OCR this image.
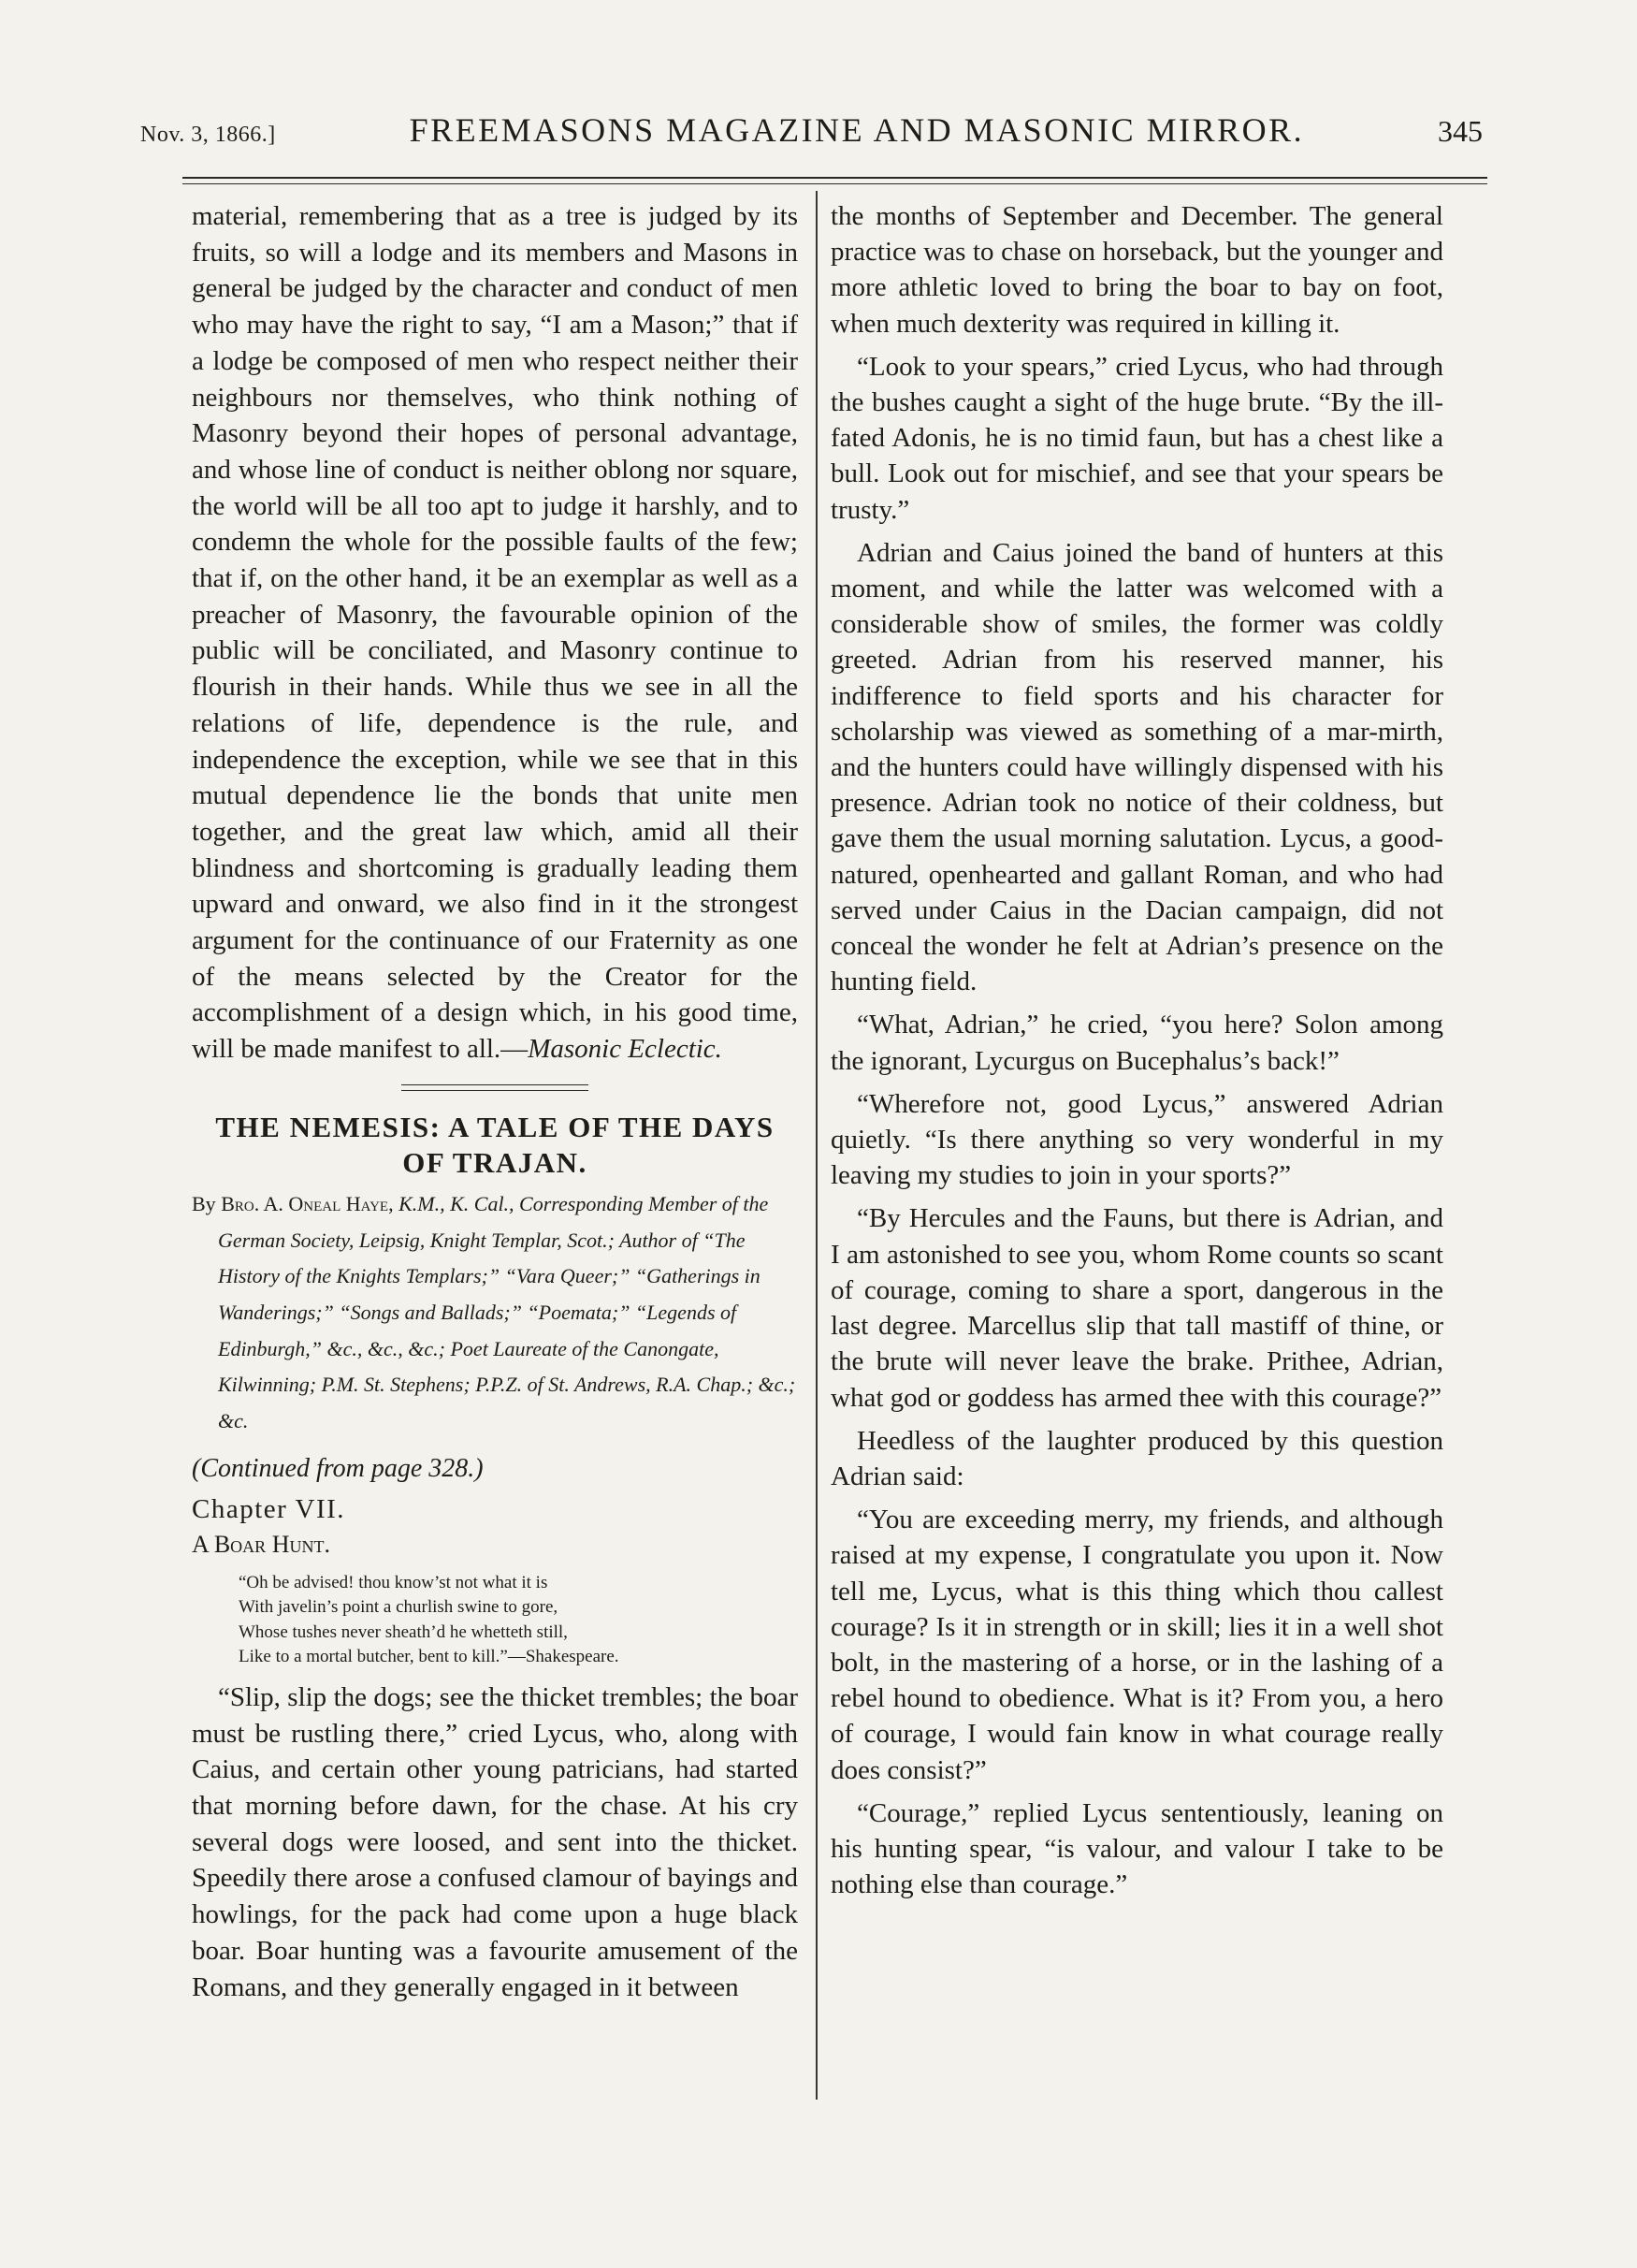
Nov. 3, 1866.]	FREEMASONS MAGAZINE AND MASONIC MIRROR.	345

material, remembering that as a tree is judged by its fruits, so will a lodge and its members and Masons in general be judged by the character and conduct of men who may have the right to say, “I am a Mason;” that if a lodge be composed of men who respect neither their neighbours nor themselves, who think nothing of Masonry beyond their hopes of personal advantage, and whose line of conduct is neither oblong nor square, the world will be all too apt to judge it harshly, and to condemn the whole for the possible faults of the few; that if, on the other hand, it be an exemplar as well as a preacher of Masonry, the favourable opinion of the public will be conciliated, and Masonry continue to flourish in their hands. While thus we see in all the relations of life, dependence is the rule, and independence the exception, while we see that in this mutual dependence lie the bonds that unite men together, and the great law which, amid all their blindness and shortcoming is gradually leading them upward and onward, we also find in it the strongest argument for the continuance of our Fraternity as one of the means selected by the Creator for the accomplishment of a design which, in his good time, will be made manifest to all.—Masonic Eclectic.

THE NEMESIS: A TALE OF THE DAYS OF TRAJAN.

By Bro. A. Oneal Haye, K.M., K. Cal., Corresponding Member of the German Society, Leipsig, Knight Templar, Scot.; Author of “The History of the Knights Templars;” “Vara Queer;” “Gatherings in Wanderings;” “Songs and Ballads;” “Poemata;” “Legends of Edinburgh,” &c., &c., &c.; Poet Laureate of the Canongate, Kilwinning; P.M. St. Stephens; P.P.Z. of St. Andrews, R.A. Chap.; &c.; &c.

(Continued from page 328.)

Chapter VII.

A Boar Hunt.

“Oh be advised! thou know’st not what it is
With javelin’s point a churlish swine to gore,
Whose tushes never sheath’d he whetteth still,
Like to a mortal butcher, bent to kill.”—Shakespeare.

“Slip, slip the dogs; see the thicket trembles; the boar must be rustling there,” cried Lycus, who, along with Caius, and certain other young patricians, had started that morning before dawn, for the chase. At his cry several dogs were loosed, and sent into the thicket. Speedily there arose a confused clamour of bayings and howlings, for the pack had come upon a huge black boar. Boar hunting was a favourite amusement of the Romans, and they generally engaged in it between

the months of September and December. The general practice was to chase on horseback, but the younger and more athletic loved to bring the boar to bay on foot, when much dexterity was required in killing it.

“Look to your spears,” cried Lycus, who had through the bushes caught a sight of the huge brute. “By the ill-fated Adonis, he is no timid faun, but has a chest like a bull. Look out for mischief, and see that your spears be trusty.”

Adrian and Caius joined the band of hunters at this moment, and while the latter was welcomed with a considerable show of smiles, the former was coldly greeted. Adrian from his reserved manner, his indifference to field sports and his character for scholarship was viewed as something of a mar-mirth, and the hunters could have willingly dispensed with his presence. Adrian took no notice of their coldness, but gave them the usual morning salutation. Lycus, a good-natured, openhearted and gallant Roman, and who had served under Caius in the Dacian campaign, did not conceal the wonder he felt at Adrian’s presence on the hunting field.

“What, Adrian,” he cried, “you here? Solon among the ignorant, Lycurgus on Bucephalus’s back!”

“Wherefore not, good Lycus,” answered Adrian quietly. “Is there anything so very wonderful in my leaving my studies to join in your sports?”

“By Hercules and the Fauns, but there is Adrian, and I am astonished to see you, whom Rome counts so scant of courage, coming to share a sport, dangerous in the last degree. Marcellus slip that tall mastiff of thine, or the brute will never leave the brake. Prithee, Adrian, what god or goddess has armed thee with this courage?”

Heedless of the laughter produced by this question Adrian said:

“You are exceeding merry, my friends, and although raised at my expense, I congratulate you upon it. Now tell me, Lycus, what is this thing which thou callest courage? Is it in strength or in skill; lies it in a well shot bolt, in the mastering of a horse, or in the lashing of a rebel hound to obedience. What is it? From you, a hero of courage, I would fain know in what courage really does consist?”

“Courage,” replied Lycus sententiously, leaning on his hunting spear, “is valour, and valour I take to be nothing else than courage.”
